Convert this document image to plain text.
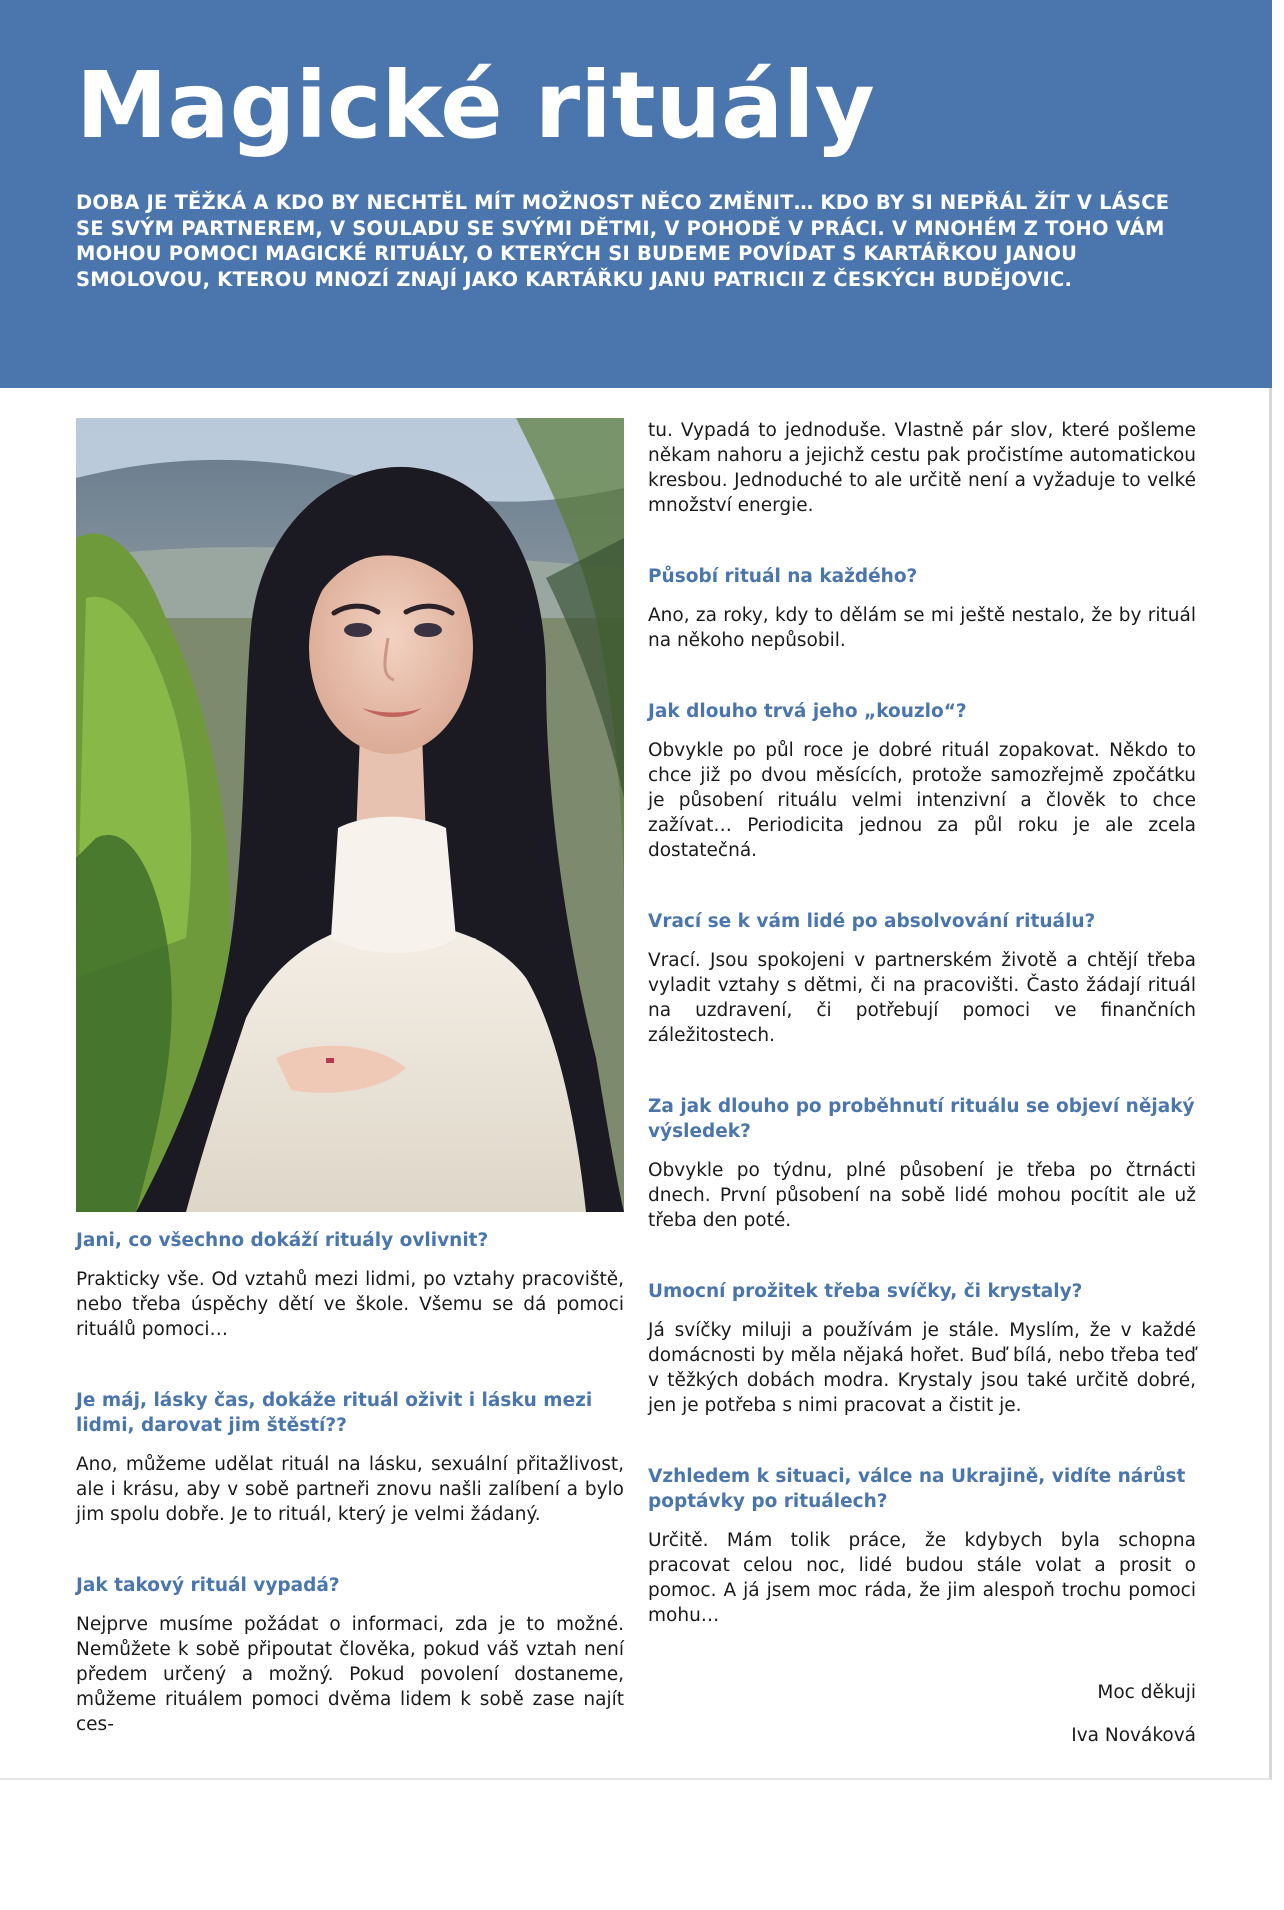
Magické rituály

DOBA JE TĚŽKÁ A KDO BY NECHTĚL MÍT MOŽNOST NĚCO ZMĚNIT… KDO BY SI NEPŘÁL ŽÍT V LÁSCE SE SVÝM PARTNEREM, V SOULADU SE SVÝMI DĚTMI, V POHODĚ V PRÁCI. V MNOHÉM Z TOHO VÁM MOHOU POMOCI MAGICKÉ RITUÁLY, O KTERÝCH SI BUDEME POVÍDAT S KARTÁŘKOU JANOU SMOLOVOU, KTEROU MNOZÍ ZNAJÍ JAKO KARTÁŘKU JANU PATRICII Z ČESKÝCH BUDĚJOVIC.

Jani, co všechno dokáží rituály ovlivnit?

Prakticky vše. Od vztahů mezi lidmi, po vztahy pracoviště, nebo třeba úspěchy dětí ve škole. Všemu se dá pomoci rituálů pomoci…

Je máj, lásky čas, dokáže rituál oživit i lásku mezi lidmi, darovat jim štěstí??

Ano, můžeme udělat rituál na lásku, sexuální přitažlivost, ale i krásu, aby v sobě partneři znovu našli zalíbení a bylo jim spolu dobře. Je to rituál, který je velmi žádaný.

Jak takový rituál vypadá?

Nejprve musíme požádat o informaci, zda je to možné. Nemůžete k sobě připoutat člověka, pokud váš vztah není předem určený a možný. Pokud povolení dostaneme, můžeme rituálem pomoci dvěma lidem k sobě zase najít ces-

tu. Vypadá to jednoduše. Vlastně pár slov, které pošleme někam nahoru a jejichž cestu pak pročistíme automatickou kresbou. Jednoduché to ale určitě není a vyžaduje to velké množství energie.

Působí rituál na každého?

Ano, za roky, kdy to dělám se mi ještě nestalo, že by rituál na někoho nepůsobil.

Jak dlouho trvá jeho „kouzlo“?

Obvykle po půl roce je dobré rituál zopakovat. Někdo to chce již po dvou měsících, protože samozřejmě zpočátku je působení rituálu velmi intenzivní a člověk to chce zažívat… Periodicita jednou za půl roku je ale zcela dostatečná.

Vrací se k vám lidé po absolvování rituálu?

Vrací. Jsou spokojeni v partnerském životě a chtějí třeba vyladit vztahy s dětmi, či na pracovišti. Často žádají rituál na uzdravení, či potřebují pomoci ve finančních záležitostech.

Za jak dlouho po proběhnutí rituálu se objeví nějaký výsledek?

Obvykle po týdnu, plné působení je třeba po čtrnácti dnech. První působení na sobě lidé mohou pocítit ale už třeba den poté.

Umocní prožitek třeba svíčky, či krystaly?

Já svíčky miluji a používám je stále. Myslím, že v každé domácnosti by měla nějaká hořet. Buď bílá, nebo třeba teď v těžkých dobách modra. Krystaly jsou také určitě dobré, jen je potřeba s nimi pracovat a čistit je.

Vzhledem k situaci, válce na Ukrajině, vidíte nárůst poptávky po rituálech?

Určitě. Mám tolik práce, že kdybych byla schopna pracovat celou noc, lidé budou stále volat a prosit o pomoc. A já jsem moc ráda, že jim alespoň trochu pomoci mohu…

Moc děkuji
Iva Nováková
